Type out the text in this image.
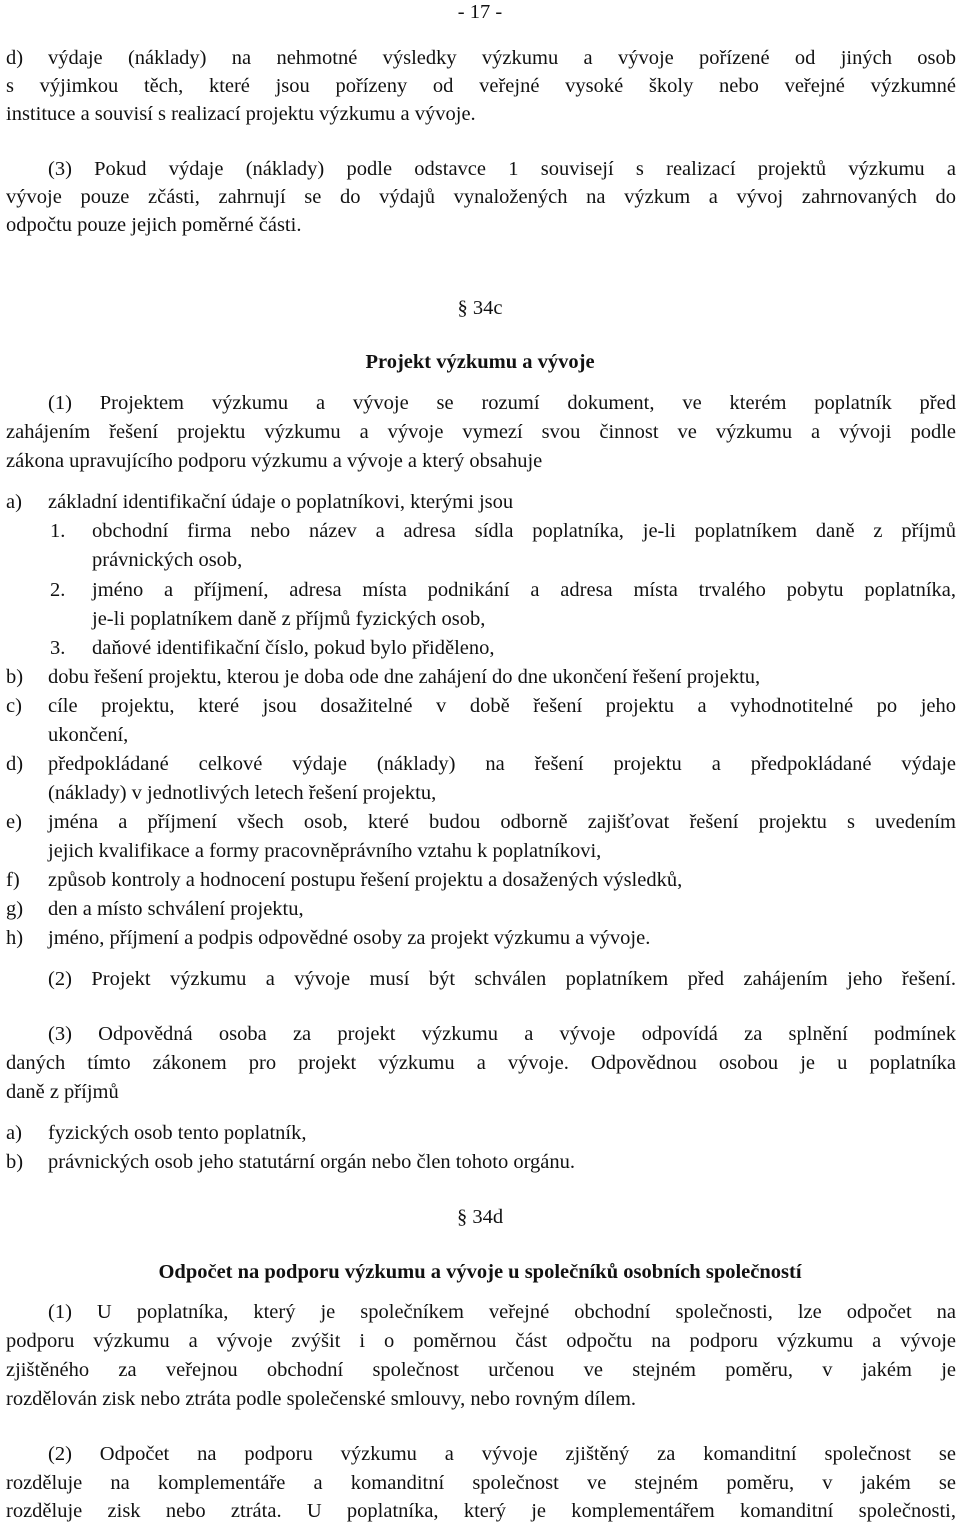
- 17 -
d) výdaje (náklady) na nehmotné výsledky výzkumu a vývoje pořízené od jiných osob
s výjimkou těch, které jsou pořízeny od veřejné vysoké školy nebo veřejné výzkumné
instituce a souvisí s realizací projektu výzkumu a vývoje.
(3) Pokud výdaje (náklady) podle odstavce 1 souvisejí s realizací projektů výzkumu a
vývoje pouze zčásti, zahrnují se do výdajů vynaložených na výzkum a vývoj zahrnovaných do
odpočtu pouze jejich poměrné části.
§ 34c
Projekt výzkumu a vývoje
(1) Projektem výzkumu a vývoje se rozumí dokument, ve kterém poplatník před
zahájením řešení projektu výzkumu a vývoje vymezí svou činnost ve výzkumu a vývoji podle
zákona upravujícího podporu výzkumu a vývoje a který obsahuje
a) základní identifikační údaje o poplatníkovi, kterými jsou
1. obchodní firma nebo název a adresa sídla poplatníka, je-li poplatníkem daně z příjmů
právnických osob,
2. jméno a příjmení, adresa místa podnikání a adresa místa trvalého pobytu poplatníka,
je-li poplatníkem daně z příjmů fyzických osob,
3. daňové identifikační číslo, pokud bylo přiděleno,
b) dobu řešení projektu, kterou je doba ode dne zahájení do dne ukončení řešení projektu,
c) cíle projektu, které jsou dosažitelné v době řešení projektu a vyhodnotitelné po jeho
ukončení,
d) předpokládané celkové výdaje (náklady) na řešení projektu a předpokládané výdaje
(náklady) v jednotlivých letech řešení projektu,
e) jména a příjmení všech osob, které budou odborně zajišťovat řešení projektu s uvedením
jejich kvalifikace a formy pracovněprávního vztahu k poplatníkovi,
f) způsob kontroly a hodnocení postupu řešení projektu a dosažených výsledků,
g) den a místo schválení projektu,
h) jméno, příjmení a podpis odpovědné osoby za projekt výzkumu a vývoje.
(2) Projekt výzkumu a vývoje musí být schválen poplatníkem před zahájením jeho řešení.
(3) Odpovědná osoba za projekt výzkumu a vývoje odpovídá za splnění podmínek
daných tímto zákonem pro projekt výzkumu a vývoje. Odpovědnou osobou je u poplatníka
daně z příjmů
a) fyzických osob tento poplatník,
b) právnických osob jeho statutární orgán nebo člen tohoto orgánu.
§ 34d
Odpočet na podporu výzkumu a vývoje u společníků osobních společností
(1) U poplatníka, který je společníkem veřejné obchodní společnosti, lze odpočet na
podporu výzkumu a vývoje zvýšit i o poměrnou část odpočtu na podporu výzkumu a vývoje
zjištěného za veřejnou obchodní společnost určenou ve stejném poměru, v jakém je
rozdělován zisk nebo ztráta podle společenské smlouvy, nebo rovným dílem.
(2) Odpočet na podporu výzkumu a vývoje zjištěný za komanditní společnost se
rozděluje na komplementáře a komanditní společnost ve stejném poměru, v jakém se
rozděluje zisk nebo ztráta. U poplatníka, který je komplementářem komanditní společnosti,
